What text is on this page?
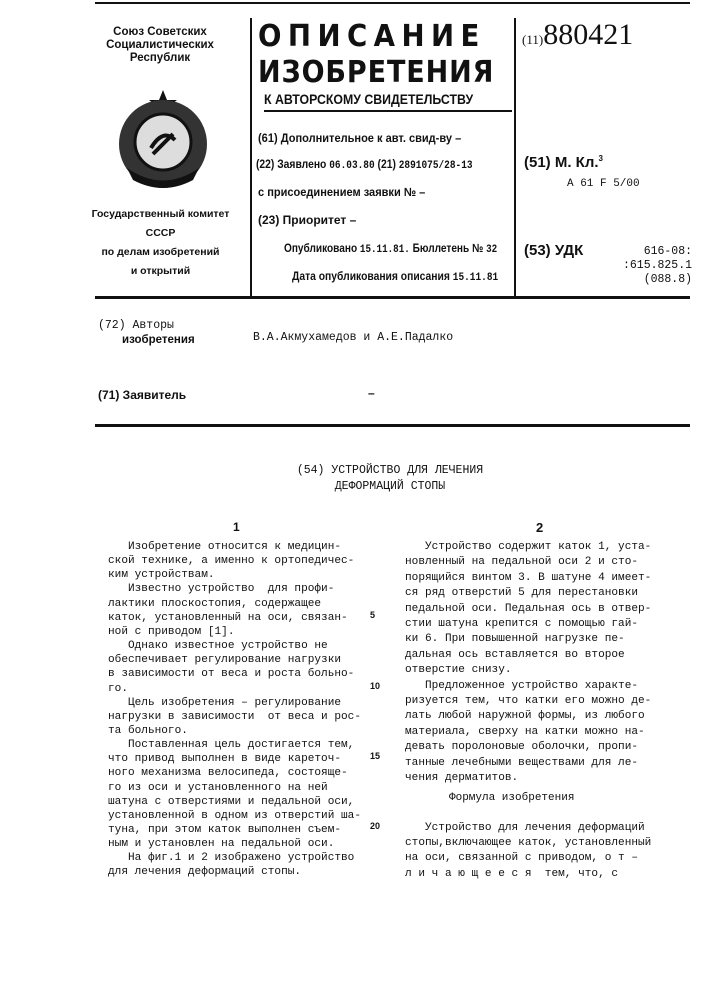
Союз Советских
Социалистических
Республик
Государственный комитет
СССР
по делам изобретений
и открытий
ОПИСАНИЕ
ИЗОБРЕТЕНИЯ
К АВТОРСКОМУ СВИДЕТЕЛЬСТВУ
(61) Дополнительное к авт. свид-ву –
(22) Заявлено 06.03.80 (21) 2891075/28-13
с присоединением заявки № –
(23) Приоритет –
Опубликовано 15.11.81. Бюллетень № 32
Дата опубликования описания 15.11.81
(11)880421
(51) М. Кл.3
A 61 F 5/00
(53) УДК	616-08:
:615.825.1
(088.8)
(72) Авторы
изобретения	В.А.Акмухамедов и А.Е.Падалко
(71) Заявитель	–
(54) УСТРОЙСТВО ДЛЯ ЛЕЧЕНИЯ
ДЕФОРМАЦИЙ СТОПЫ
1	2
Формула изобретения
Изобретение относится к медицин-
ской технике, а именно к ортопедичес-
ким устройствам.
Известно устройство  для профи-
лактики плоскостопия, содержащее
каток, установленный на оси, связан-
ной с приводом [1].
Однако известное устройство не
обеспечивает регулирование нагрузки
в зависимости от веса и роста больно-
го.
Цель изобретения – регулирование
нагрузки в зависимости  от веса и рос-
та больного.
Поставленная цель достигается тем,
что привод выполнен в виде кареточ-
ного механизма велосипеда, состояще-
го из оси и установленного на ней
шатуна с отверстиями и педальной оси,
установленной в одном из отверстий ша-
туна, при этом каток выполнен съем-
ным и установлен на педальной оси.
На фиг.1 и 2 изображено устройство
для лечения деформаций стопы.
Устройство содержит каток 1, уста-
новленный на педальной оси 2 и сто-
порящийся винтом 3. В шатуне 4 имеет-
ся ряд отверстий 5 для перестановки
педальной оси. Педальная ось в отвер-
стии шатуна крепится с помощью гай-
ки 6. При повышенной нагрузке пе-
дальная ось вставляется во второе
отверстие снизу.
Предложенное устройство характе-
ризуется тем, что катки его можно де-
лать любой наружной формы, из любого
материала, сверху на катки можно на-
девать поролоновые оболочки, пропи-
танные лечебными веществами для ле-
чения дерматитов.
Устройство для лечения деформаций
стопы,включающее каток, установленный
на оси, связанной с приводом, о т –
л и ч а ю щ е е с я  тем, что, с
5
10
15
20
